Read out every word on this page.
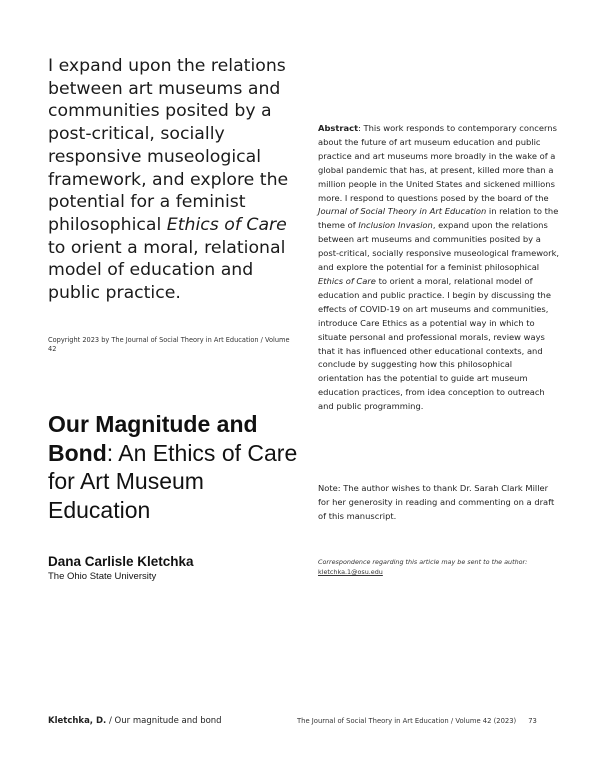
I expand upon the relations between art museums and communities posited by a post-critical, socially responsive museological framework, and explore the potential for a feminist philosophical Ethics of Care to orient a moral, relational model of education and public practice.
Copyright 2023 by The Journal of Social Theory in Art Education / Volume 42
Our Magnitude and Bond: An Ethics of Care for Art Museum Education
Dana Carlisle Kletchka
The Ohio State University
Abstract: This work responds to contemporary concerns about the future of art museum education and public practice and art museums more broadly in the wake of a global pandemic that has, at present, killed more than a million people in the United States and sickened millions more. I respond to questions posed by the board of the Journal of Social Theory in Art Education in relation to the theme of Inclusion Invasion, expand upon the relations between art museums and communities posited by a post-critical, socially responsive museological framework, and explore the potential for a feminist philosophical Ethics of Care to orient a moral, relational model of education and public practice. I begin by discussing the effects of COVID-19 on art museums and communities, introduce Care Ethics as a potential way in which to situate personal and professional morals, review ways that it has influenced other educational contexts, and conclude by suggesting how this philosophical orientation has the potential to guide art museum education practices, from idea conception to outreach and public programming.
Note: The author wishes to thank Dr. Sarah Clark Miller for her generosity in reading and commenting on a draft of this manuscript.
Correspondence regarding this article may be sent to the author:
kletchka.1@osu.edu
Kletchka, D. / Our magnitude and bond	The Journal of Social Theory in Art Education / Volume 42 (2023) 73
